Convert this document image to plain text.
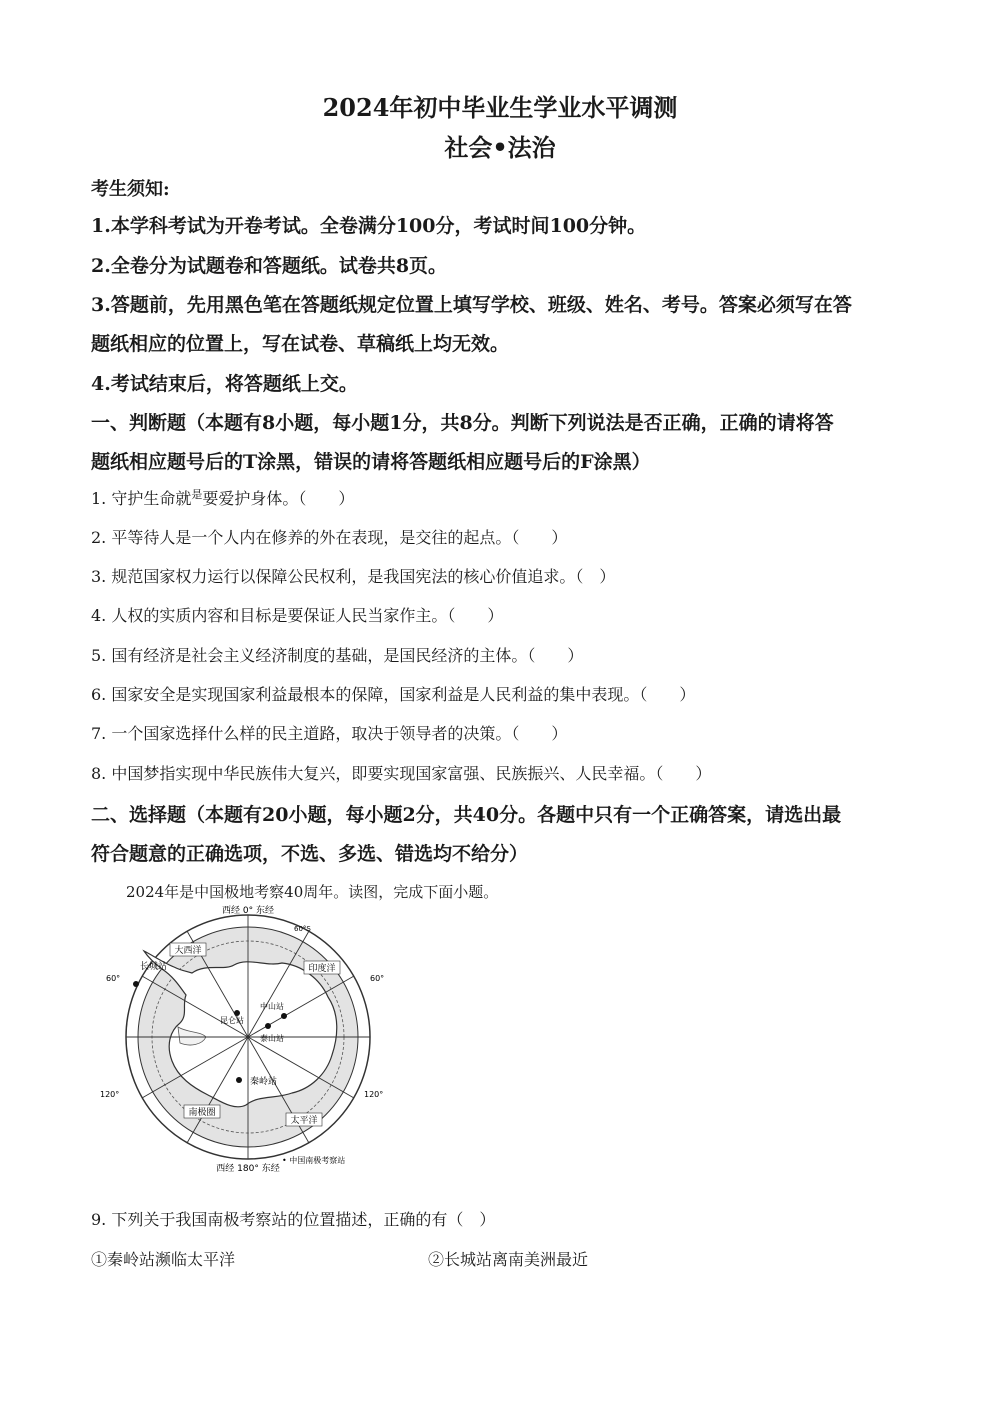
2024年初中毕业生学业水平调测
社会•法治
考生须知:
1.本学科考试为开卷考试。全卷满分100分，考试时间100分钟。
2.全卷分为试题卷和答题纸。试卷共8页。
3.答题前，先用黑色笔在答题纸规定位置上填写学校、班级、姓名、考号。答案必须写在答
题纸相应的位置上，写在试卷、草稿纸上均无效。
4.考试结束后，将答题纸上交。
一、判断题（本题有8小题，每小题1分，共8分。判断下列说法是否正确，正确的请将答
题纸相应题号后的T涂黑，错误的请将答题纸相应题号后的F涂黑）
1. 守护生命就$^是$要爱护身体。（　　）
2. 平等待人是一个人内在修养的外在表现，是交往的起点。（　　）
3. 规范国家权力运行以保障公民权利，是我国宪法的核心价值追求。（　）
4. 人权的实质内容和目标是要保证人民当家作主。（　　）
5. 国有经济是社会主义经济制度的基础，是国民经济的主体。（　　）
6. 国家安全是实现国家利益最根本的保障，国家利益是人民利益的集中表现。（　　）
7. 一个国家选择什么样的民主道路，取决于领导者的决策。（　　）
8. 中国梦指实现中华民族伟大复兴，即要实现国家富强、民族振兴、人民幸福。（　　）
二、选择题（本题有20小题，每小题2分，共40分。各题中只有一个正确答案，请选出最
符合题意的正确选项，不选、多选、错选均不给分）
2024年是中国极地考察40周年。读图，完成下面小题。
西经 0° 东经
西经 180° 东经
60°S
60°	60°
120°	120°
大西洋
印度洋
太平洋
南极圈
长城站
中山站
昆仑站
泰山站
秦岭站
• 中国南极考察站
9. 下列关于我国南极考察站的位置描述，正确的有（　）
①秦岭站濒临太平洋	②长城站离南美洲最近
